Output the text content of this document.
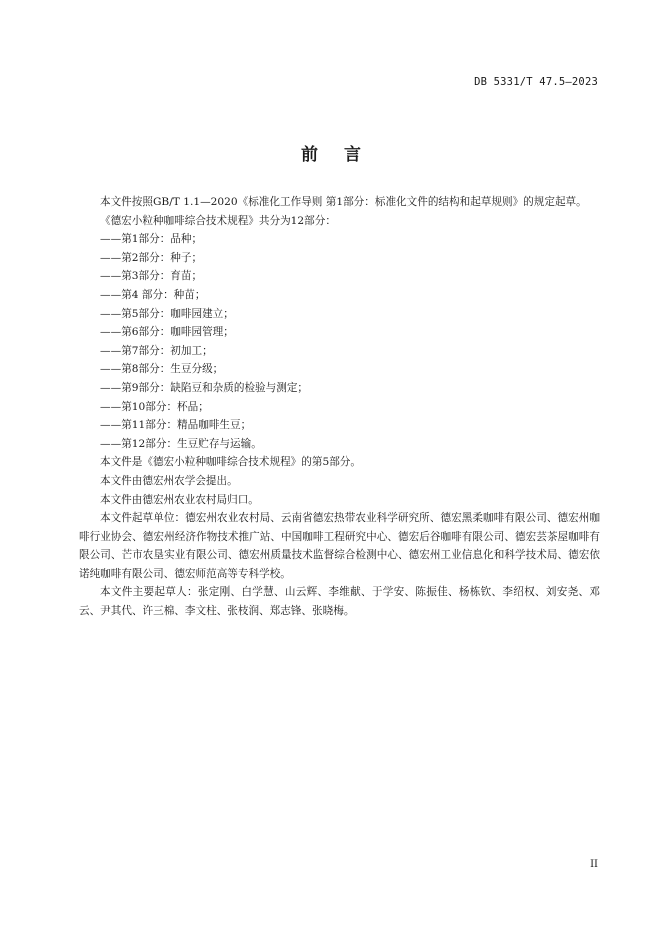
DB 5331/T 47.5—2023
前言

本文件按照GB/T 1.1—2020《标准化工作导则 第1部分：标准化文件的结构和起草规则》的规定起草。

《德宏小粒种咖啡综合技术规程》共分为12部分：

——第1部分：品种；
——第2部分：种子；
——第3部分：育苗；
——第4 部分：种苗；
——第5部分：咖啡园建立；
——第6部分：咖啡园管理；
——第7部分：初加工；
——第8部分：生豆分级；
——第9部分：缺陷豆和杂质的检验与测定；
——第10部分：杯品；
——第11部分：精品咖啡生豆；
——第12部分：生豆贮存与运输。

本文件是《德宏小粒种咖啡综合技术规程》的第5部分。

本文件由德宏州农学会提出。

本文件由德宏州农业农村局归口。

本文件起草单位：德宏州农业农村局、云南省德宏热带农业科学研究所、德宏黑柔咖啡有限公司、德宏州咖啡行业协会、德宏州经济作物技术推广站、中国咖啡工程研究中心、德宏后谷咖啡有限公司、德宏芸茶屋咖啡有限公司、芒市农垦实业有限公司、德宏州质量技术监督综合检测中心、德宏州工业信息化和科学技术局、德宏依诺纯咖啡有限公司、德宏师范高等专科学校。

本文件主要起草人：张定刚、白学慧、山云辉、李维献、于学安、陈振佳、杨栋钦、李绍权、刘安尧、邓云、尹其代、许三棉、李文柱、张枝润、郑志锋、张晓梅。

II
